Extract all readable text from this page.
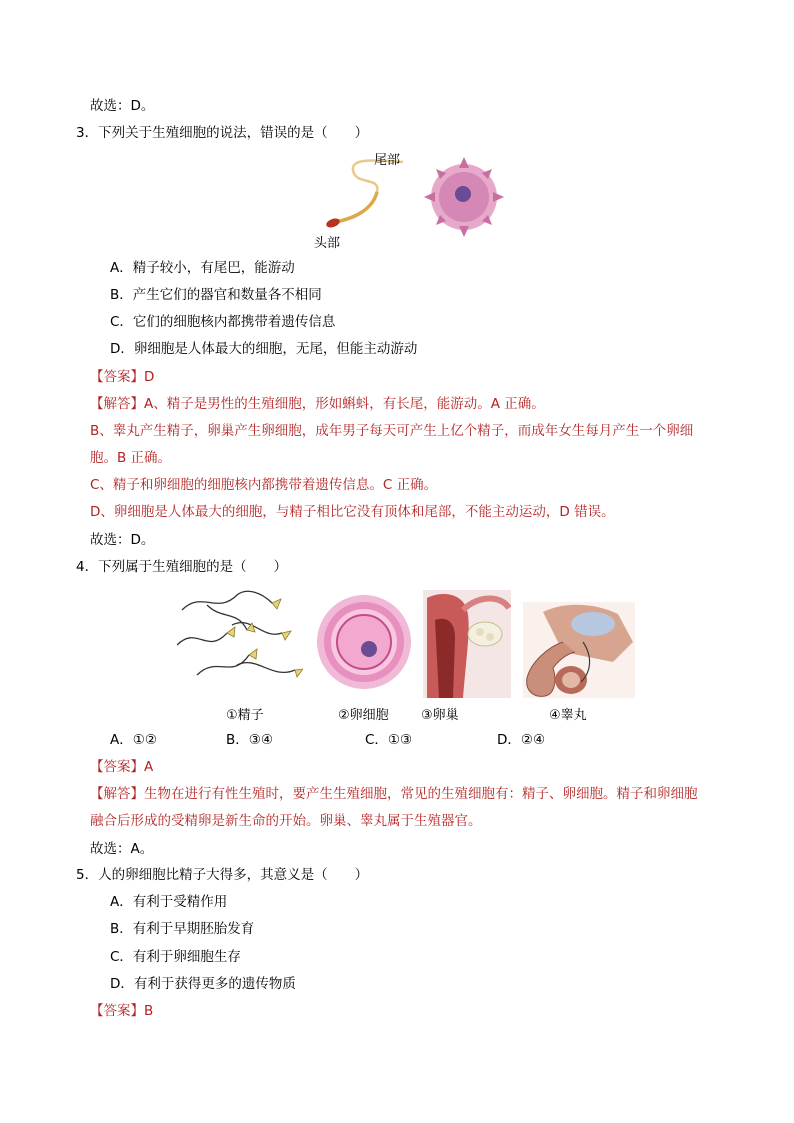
故选：D。
3．下列关于生殖细胞的说法，错误的是（　　）
尾部
头部
A．精子较小，有尾巴，能游动
B．产生它们的器官和数量各不相同
C．它们的细胞核内都携带着遗传信息
D．卵细胞是人体最大的细胞，无尾，但能主动游动
【答案】D
【解答】A、精子是男性的生殖细胞，形如蝌蚪，有长尾，能游动。A 正确。
B、睾丸产生精子，卵巢产生卵细胞，成年男子每天可产生上亿个精子，而成年女生每月产生一个卵细
胞。B 正确。
C、精子和卵细胞的细胞核内都携带着遗传信息。C 正确。
D、卵细胞是人体最大的细胞，与精子相比它没有顶体和尾部，不能主动运动，D 错误。
故选：D。
4．下列属于生殖细胞的是（　　）
①精子	②卵细胞 ③卵巢	④睾丸
A．①②	B．③④	C．①③	D．②④
【答案】A
【解答】生物在进行有性生殖时，要产生生殖细胞，常见的生殖细胞有：精子、卵细胞。精子和卵细胞
融合后形成的受精卵是新生命的开始。卵巢、睾丸属于生殖器官。
故选：A。
5．人的卵细胞比精子大得多，其意义是（　　）
A．有利于受精作用
B．有利于早期胚胎发育
C．有利于卵细胞生存
D．有利于获得更多的遗传物质
【答案】B
